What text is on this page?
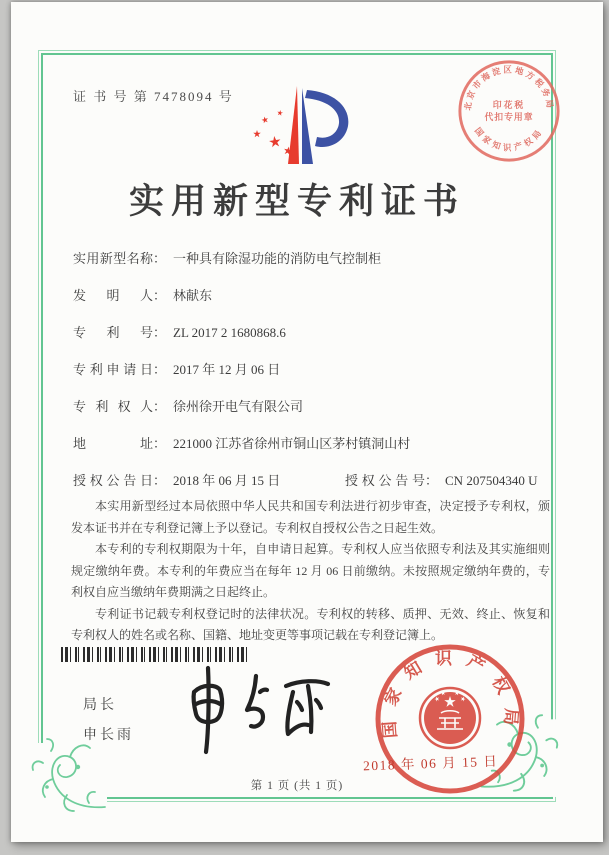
证 书 号 第 7478094 号
实用新型专利证书
实用新型名称： 一种具有除湿功能的消防电气控制柜
发明人： 林献东
专利号： ZL 2017 2 1680868.6
专利申请日： 2017 年 12 月 06 日
专利权人： 徐州徐开电气有限公司
地址： 221000 江苏省徐州市铜山区茅村镇洞山村
授权公告日： 2018 年 06 月 15 日	授权公告号： CN 207504340 U

本实用新型经过本局依照中华人民共和国专利法进行初步审查，决定授予专利权，颁发本证书并在专利登记簿上予以登记。专利权自授权公告之日起生效。

本专利的专利权期限为十年，自申请日起算。专利权人应当依照专利法及其实施细则规定缴纳年费。本专利的年费应当在每年 12 月 06 日前缴纳。未按照规定缴纳年费的，专利权自应当缴纳年费期满之日起终止。

专利证书记载专利权登记时的法律状况。专利权的转移、质押、无效、终止、恢复和专利权人的姓名或名称、国籍、地址变更等事项记载在专利登记簿上。

局长
申长雨	国家知识产权局
2018 年 06 月 15 日
北京市海淀区地方税务局
国家知识产权局
印花税
代扣专用章
第 1 页 (共 1 页)
